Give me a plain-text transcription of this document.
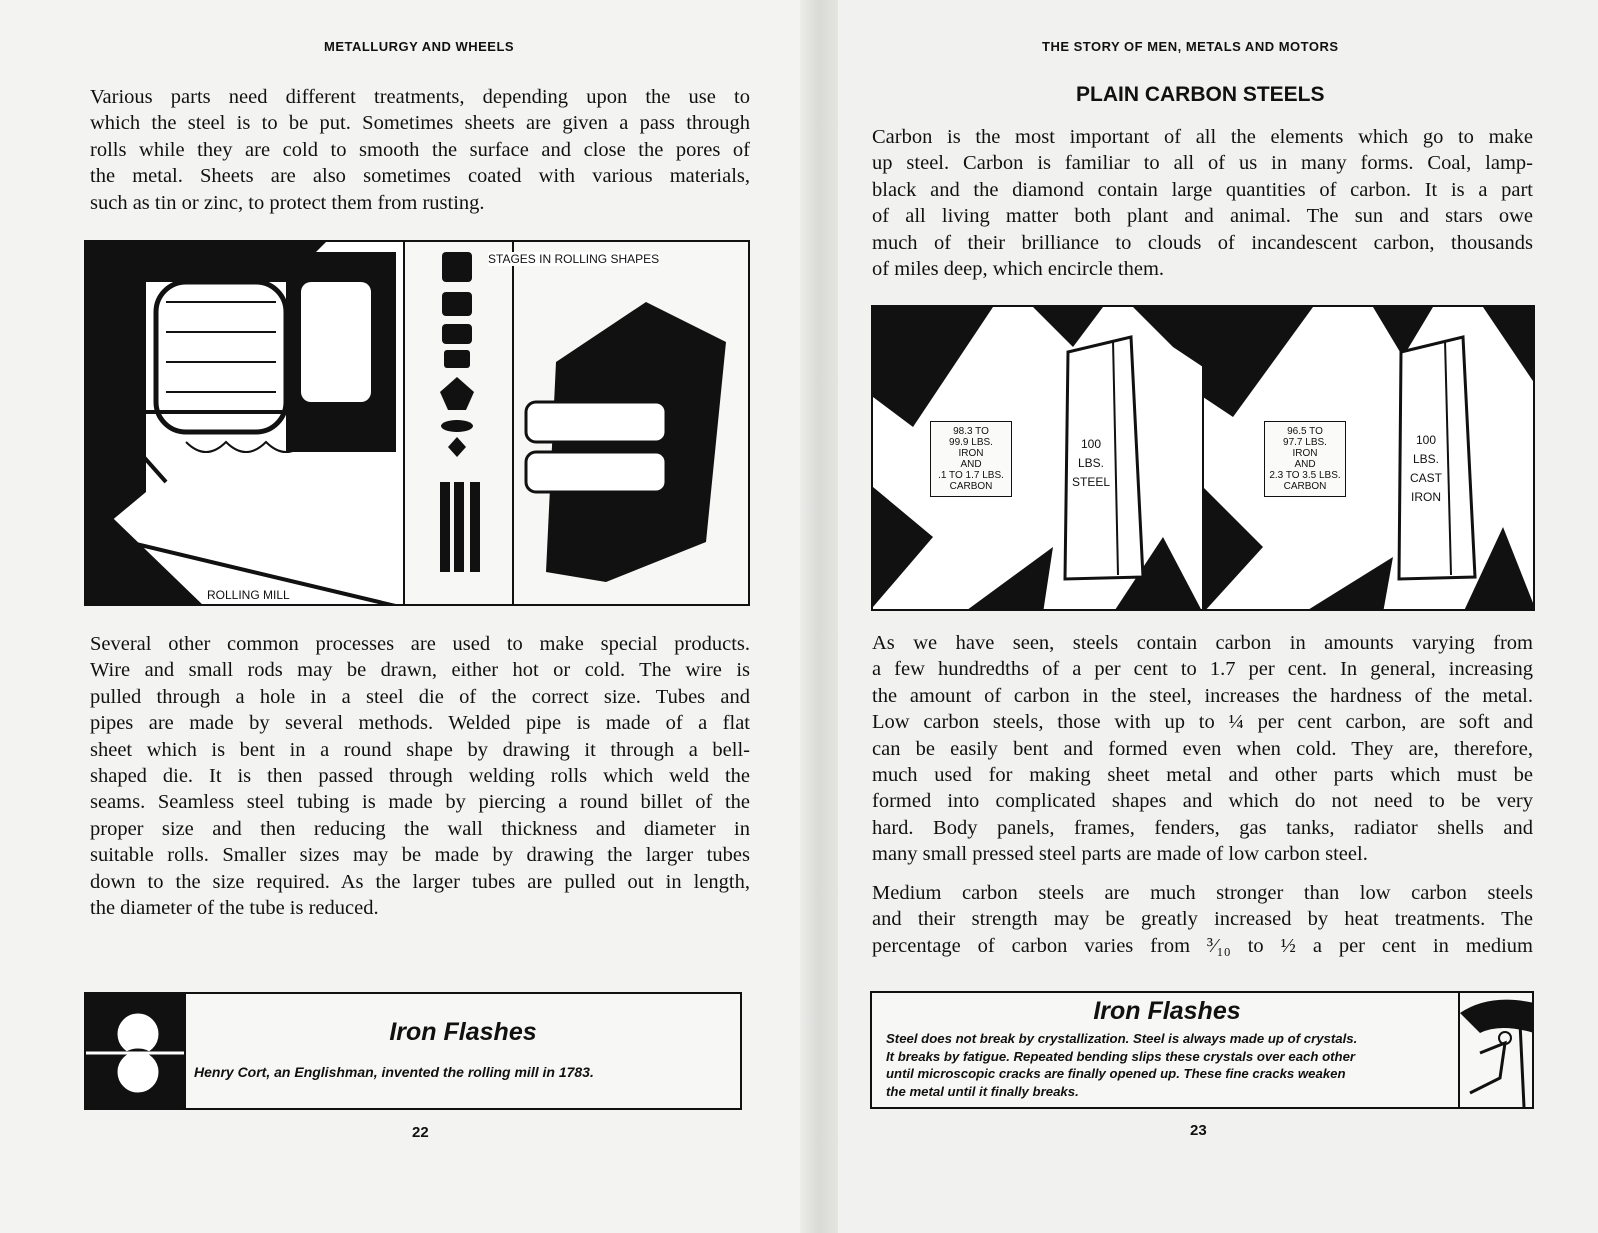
METALLURGY AND WHEELS
Various parts need different treatments, depending upon the use to
which the steel is to be put. Sometimes sheets are given a pass through
rolls while they are cold to smooth the surface and close the pores of
the metal. Sheets are also sometimes coated with various materials,
such as tin or zinc, to protect them from rusting.
STAGES IN ROLLING SHAPES
ROLLING MILL
Several other common processes are used to make special products.
Wire and small rods may be drawn, either hot or cold. The wire is
pulled through a hole in a steel die of the correct size. Tubes and
pipes are made by several methods. Welded pipe is made of a flat
sheet which is bent in a round shape by drawing it through a bell-
shaped die. It is then passed through welding rolls which weld the
seams. Seamless steel tubing is made by piercing a round billet of the
proper size and then reducing the wall thickness and diameter in
suitable rolls. Smaller sizes may be made by drawing the larger tubes
down to the size required. As the larger tubes are pulled out in length,
the diameter of the tube is reduced.
Iron Flashes
Henry Cort, an Englishman, invented the rolling mill in 1783.
22
THE STORY OF MEN, METALS AND MOTORS
PLAIN CARBON STEELS
Carbon is the most important of all the elements which go to make
up steel. Carbon is familiar to all of us in many forms. Coal, lamp-
black and the diamond contain large quantities of carbon. It is a part
of all living matter both plant and animal. The sun and stars owe
much of their brilliance to clouds of incandescent carbon, thousands
of miles deep, which encircle them.
98.3 TO
99.9 LBS.
IRON
AND
.1 TO 1.7 LBS.
CARBON
100 LBS.
STEEL
96.5 TO
97.7 LBS.
IRON
AND
2.3 TO 3.5 LBS.
CARBON
100 LBS.
CAST
IRON
As we have seen, steels contain carbon in amounts varying from
a few hundredths of a per cent to 1.7 per cent. In general, increasing
the amount of carbon in the steel, increases the hardness of the metal.
Low carbon steels, those with up to ¼ per cent carbon, are soft and
can be easily bent and formed even when cold. They are, therefore,
much used for making sheet metal and other parts which must be
formed into complicated shapes and which do not need to be very
hard. Body panels, frames, fenders, gas tanks, radiator shells and
many small pressed steel parts are made of low carbon steel.
Medium carbon steels are much stronger than low carbon steels
and their strength may be greatly increased by heat treatments. The
percentage of carbon varies from ³⁄₁₀ to ½ a per cent in medium
Iron Flashes
Steel does not break by crystallization. Steel is always made up of crystals.
It breaks by fatigue. Repeated bending slips these crystals over each other
until microscopic cracks are finally opened up. These fine cracks weaken
the metal until it finally breaks.
23
